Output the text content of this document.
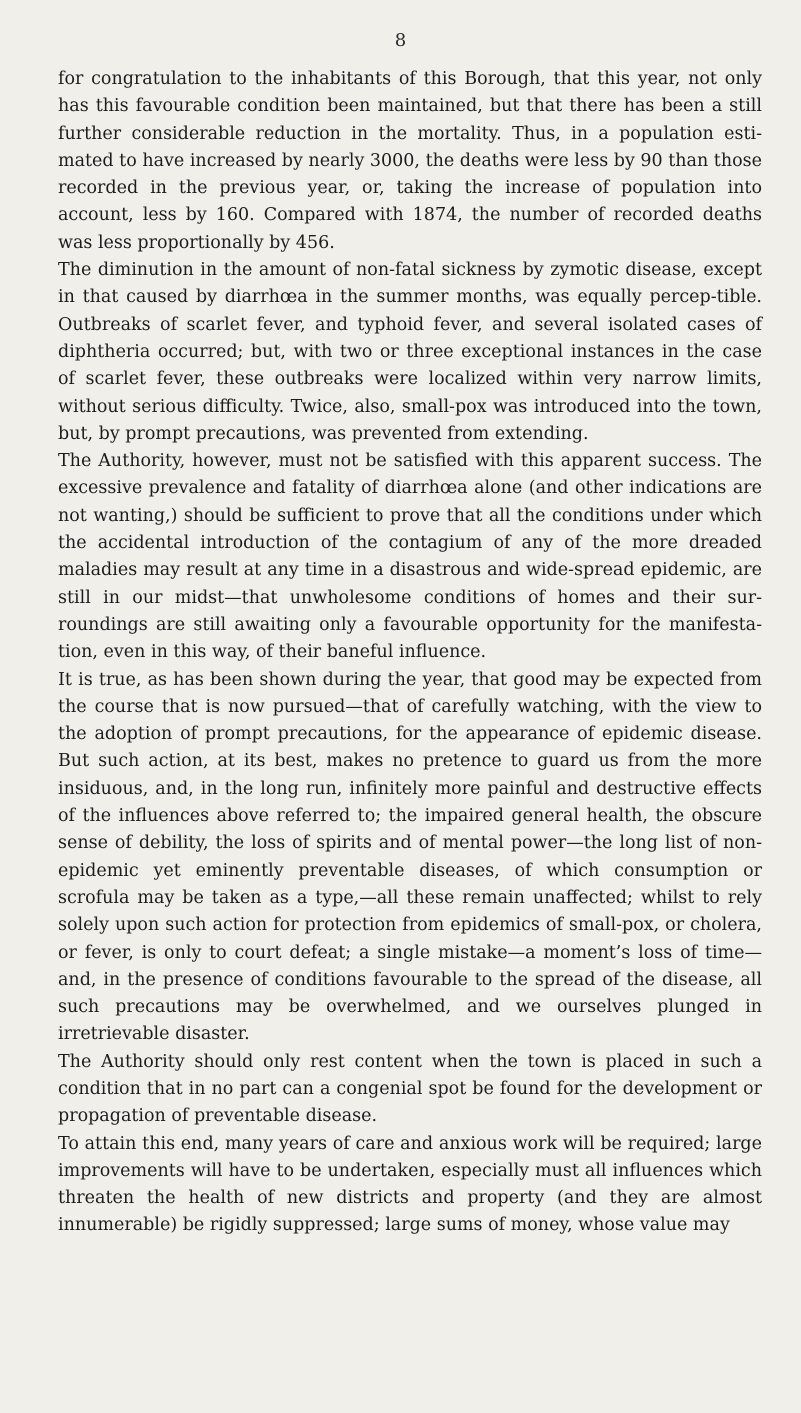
8

for congratulation to the inhabitants of this Borough, that this year, not only has this favourable condition been maintained, but that there has been a still further considerable reduction in the mortality. Thus, in a population esti-mated to have increased by nearly 3000, the deaths were less by 90 than those recorded in the previous year, or, taking the increase of population into account, less by 160. Compared with 1874, the number of recorded deaths was less proportionally by 456.

The diminution in the amount of non-fatal sickness by zymotic disease, except in that caused by diarrhœa in the summer months, was equally percep-tible. Outbreaks of scarlet fever, and typhoid fever, and several isolated cases of diphtheria occurred; but, with two or three exceptional instances in the case of scarlet fever, these outbreaks were localized within very narrow limits, without serious difficulty. Twice, also, small-pox was introduced into the town, but, by prompt precautions, was prevented from extending.

The Authority, however, must not be satisfied with this apparent success. The excessive prevalence and fatality of diarrhœa alone (and other indications are not wanting,) should be sufficient to prove that all the conditions under which the accidental introduction of the contagium of any of the more dreaded maladies may result at any time in a disastrous and wide-spread epidemic, are still in our midst—that unwholesome conditions of homes and their sur-roundings are still awaiting only a favourable opportunity for the manifesta-tion, even in this way, of their baneful influence.

It is true, as has been shown during the year, that good may be expected from the course that is now pursued—that of carefully watching, with the view to the adoption of prompt precautions, for the appearance of epidemic disease. But such action, at its best, makes no pretence to guard us from the more insiduous, and, in the long run, infinitely more painful and destructive effects of the influences above referred to; the impaired general health, the obscure sense of debility, the loss of spirits and of mental power—the long list of non-epidemic yet eminently preventable diseases, of which consumption or scrofula may be taken as a type,—all these remain unaffected; whilst to rely solely upon such action for protection from epidemics of small-pox, or cholera, or fever, is only to court defeat; a single mistake—a moment’s loss of time—and, in the presence of conditions favourable to the spread of the disease, all such precautions may be overwhelmed, and we ourselves plunged in irretrievable disaster.

The Authority should only rest content when the town is placed in such a condition that in no part can a congenial spot be found for the development or propagation of preventable disease.

To attain this end, many years of care and anxious work will be required; large improvements will have to be undertaken, especially must all influences which threaten the health of new districts and property (and they are almost innumerable) be rigidly suppressed; large sums of money, whose value may
